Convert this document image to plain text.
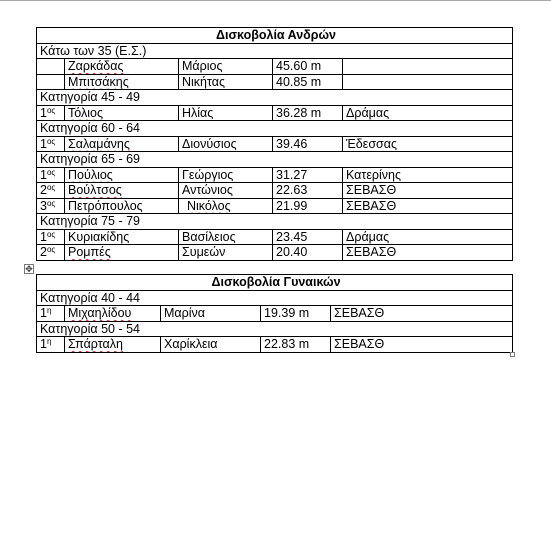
Δισκοβολία Ανδρών				
Κάτω των 35 (Ε.Σ.)				
	Ζαρκάδας	Μάριος	45.60 m	
	Μπιτσάκης	Νικήτας	40.85 m	
Κατηγορία 45 - 49				
$1^{o\varsigma}$	Τόλιος	Ηλίας	36.28 m	Δράμας
Κατηγορία 60 - 64				
$1^{o\varsigma}$	Σαλαμάνης	Διονύσιος	39.46	Έδεσσας
Κατηγορία 65 - 69				
$1^{o\varsigma}$	Πούλιος	Γεώργιος	31.27	Κατερίνης
$2^{o\varsigma}$	Βούλτσος	Αντώνιος	22.63	ΣΕΒΑΣΘ
$3^{o\varsigma}$	Πετρόπουλος	Νικόλος	21.99	ΣΕΒΑΣΘ
Κατηγορία 75 - 79				
$1^{o\varsigma}$	Κυριακίδης	Βασίλειος	23.45	Δράμας
$2^{o\varsigma}$	Ρομπές	Συμεών	20.40	ΣΕΒΑΣΘ
✥
Δισκοβολία Γυναικών				
Κατηγορία 40 - 44				
$1^\eta$	Μιχαηλίδου	Μαρίνα	19.39 m	ΣΕΒΑΣΘ
Κατηγορία 50 - 54				
$1^\eta$	Σπάρταλη	Χαρίκλεια	22.83 m	ΣΕΒΑΣΘ
